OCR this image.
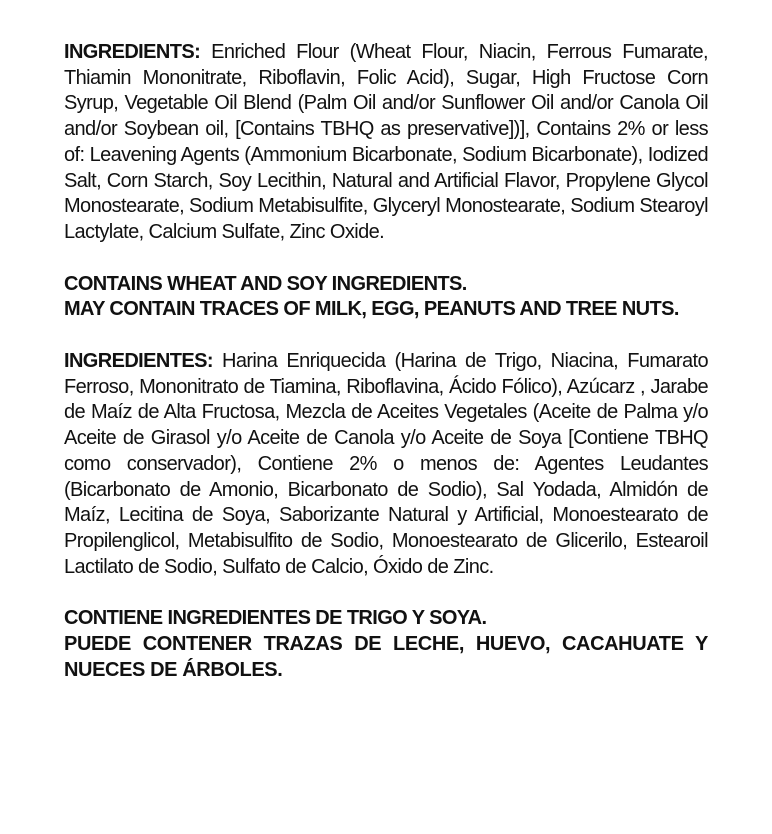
INGREDIENTS: Enriched Flour (Wheat Flour, Niacin, Ferrous Fumarate, Thiamin Mononitrate, Riboflavin, Folic Acid), Sugar, High Fructose Corn Syrup, Vegetable Oil Blend (Palm Oil and/or Sunflower Oil and/or Canola Oil and/or Soybean oil, [Contains TBHQ as preservative])], Contains 2% or less of: Leavening Agents (Ammonium Bicarbonate, Sodium Bicarbonate), Iodized Salt, Corn Starch, Soy Lecithin, Natural and Artificial Flavor, Propylene Glycol Monostearate, Sodium Metabisulfite, Glyceryl Monostearate, Sodium Stearoyl Lactylate, Calcium Sulfate, Zinc Oxide.

CONTAINS WHEAT AND SOY INGREDIENTS.

MAY CONTAIN TRACES OF MILK, EGG, PEANUTS AND TREE NUTS.

INGREDIENTES: Harina Enriquecida (Harina de Trigo, Niacina, Fumarato Ferroso, Mononitrato de Tiamina, Riboflavina, Ácido Fólico), Azúcarz , Jarabe de Maíz de Alta Fructosa, Mezcla de Aceites Vegetales (Aceite de Palma y/o Aceite de Girasol y/o Aceite de Canola y/o Aceite de Soya [Contiene TBHQ como conservador), Contiene 2% o menos de: Agentes Leudantes (Bicarbonato de Amonio, Bicarbonato de Sodio), Sal Yodada, Almidón de Maíz, Lecitina de Soya, Saborizante Natural y Artificial, Monoestearato de Propilenglicol, Metabisulfito de Sodio, Monoestearato de Glicerilo, Estearoil Lactilato de Sodio, Sulfato de Calcio, Óxido de Zinc.

CONTIENE INGREDIENTES DE TRIGO Y SOYA.

PUEDE CONTENER TRAZAS DE LECHE, HUEVO, CACAHUATE Y NUECES DE ÁRBOLES.
